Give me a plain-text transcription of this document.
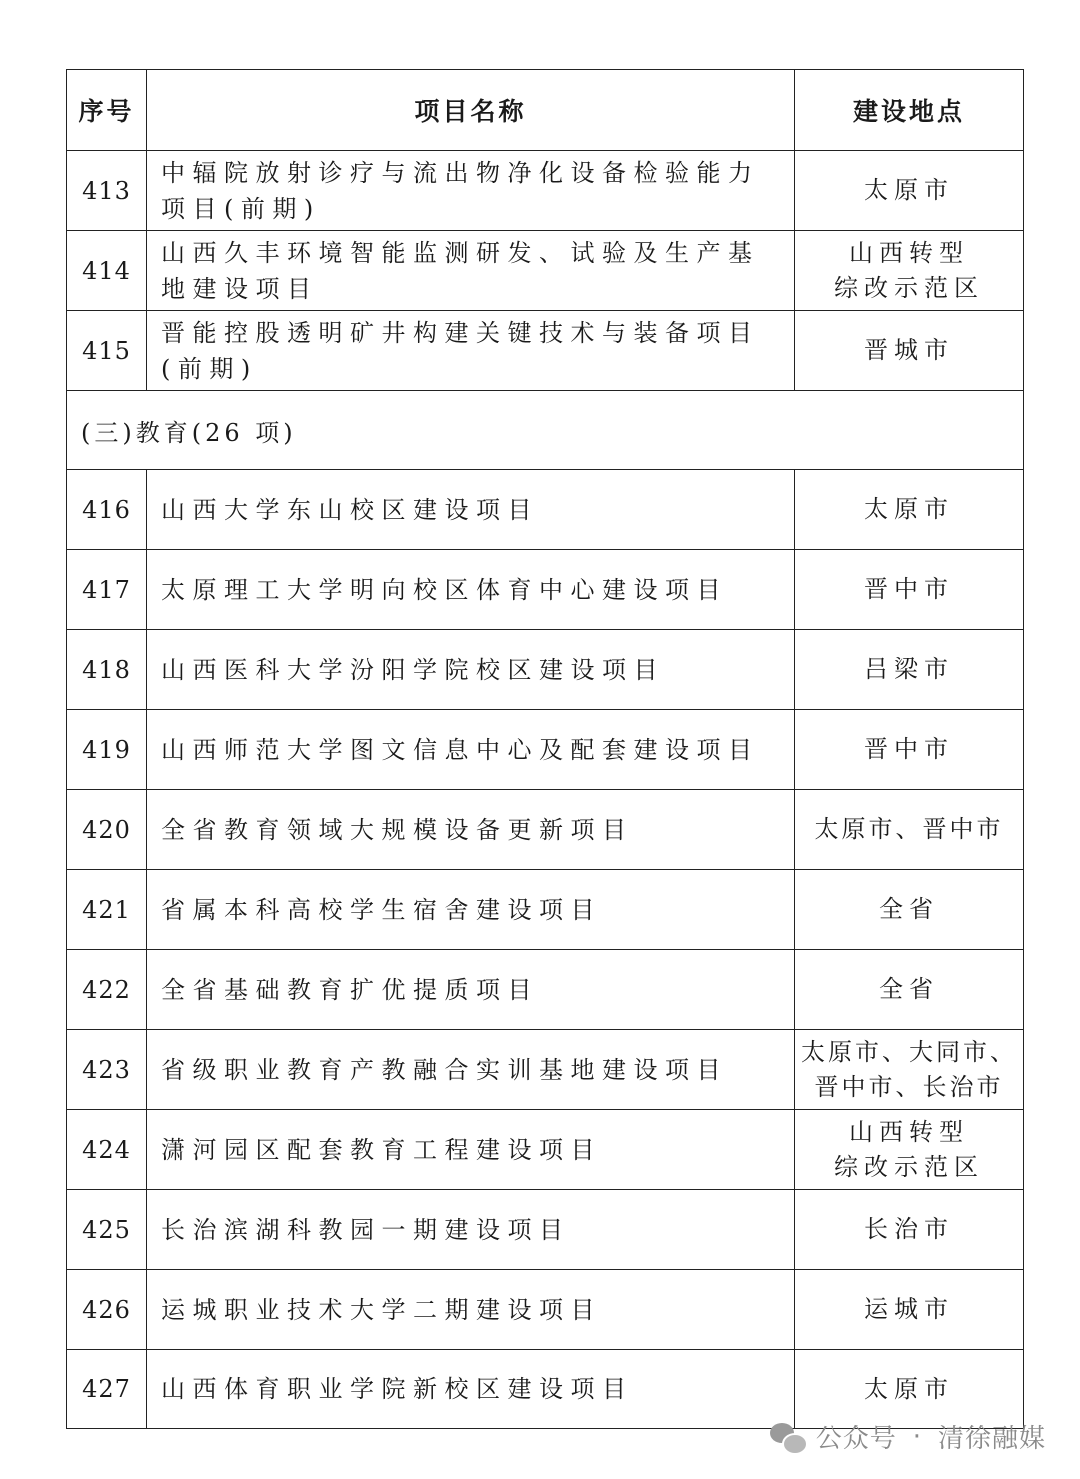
序号	项目名称	建设地点
413	中辐院放射诊疗与流出物净化设备检验能力项目(前期)	太原市

414	山西久丰环境智能监测研发、试验及生产基地建设项目	山西转型
综改示范区

415	晋能控股透明矿井构建关键技术与装备项目(前期)	晋城市

(三)教育(26 项)		
416	山西大学东山校区建设项目	太原市

417	太原理工大学明向校区体育中心建设项目	晋中市

418	山西医科大学汾阳学院校区建设项目	吕梁市

419	山西师范大学图文信息中心及配套建设项目	晋中市

420	全省教育领域大规模设备更新项目	太原市、晋中市

421	省属本科高校学生宿舍建设项目	全省

422	全省基础教育扩优提质项目	全省

423	省级职业教育产教融合实训基地建设项目	太原市、大同市、
晋中市、长治市

424	潇河园区配套教育工程建设项目	山西转型
综改示范区

425	长治滨湖科教园一期建设项目	长治市

426	运城职业技术大学二期建设项目	运城市

427	山西体育职业学院新校区建设项目	太原市
公众号 · 清徐融媒
